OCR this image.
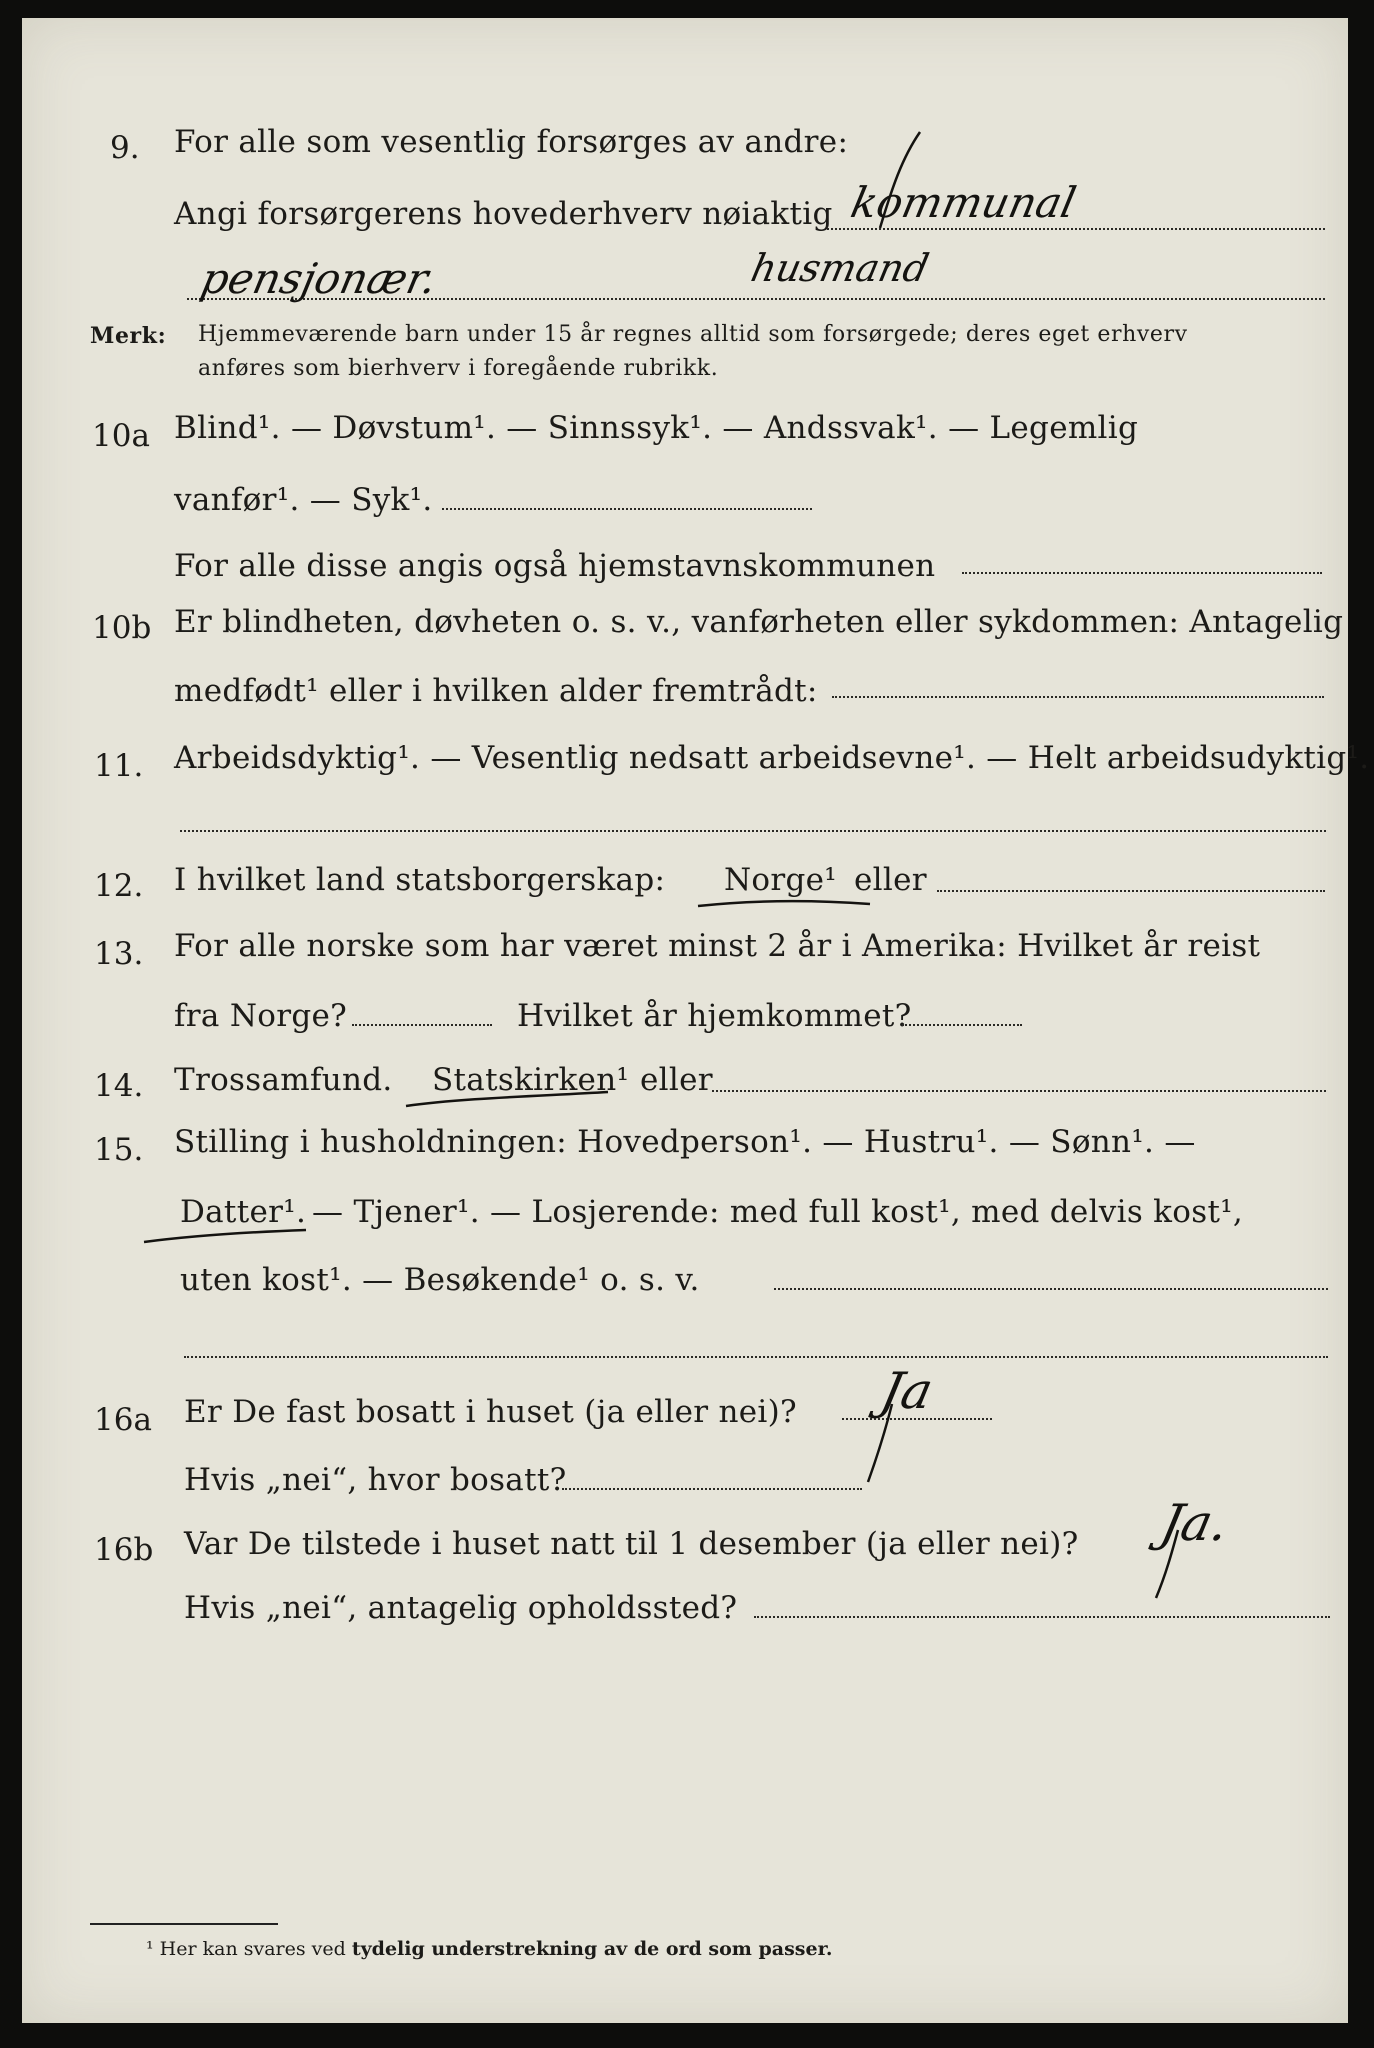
9. For alle som vesentlig forsørges av andre:
Angi forsørgerens hovederhverv nøiaktig kommunal
pensjonær.	husmand
Merk: Hjemmeværende barn under 15 år regnes alltid som forsørgede; deres eget erhverv
anføres som bierhverv i foregående rubrikk.
10a Blind¹. — Døvstum¹. — Sinnssyk¹. — Andssvak¹. — Legemlig
vanfør¹. — Syk¹.
For alle disse angis også hjemstavnskommunen
10b Er blindheten, døvheten o. s. v., vanførheten eller sykdommen: Antagelig
medfødt¹ eller i hvilken alder fremtrådt:
11. Arbeidsdyktig¹. — Vesentlig nedsatt arbeidsevne¹. — Helt arbeidsudyktig¹.
12. I hvilket land statsborgerskap: Norge¹ eller
13. For alle norske som har været minst 2 år i Amerika: Hvilket år reist
fra Norge?	Hvilket år hjemkommet?
14. Trossamfund. Statskirken¹ eller
15. Stilling i husholdningen: Hovedperson¹. — Hustru¹. — Sønn¹. —
Datter¹. — Tjener¹. — Losjerende: med full kost¹, med delvis kost¹,
uten kost¹. — Besøkende¹ o. s. v.
16a Er De fast bosatt i huset (ja eller nei)? Ja
Hvis „nei“, hvor bosatt?
16b Var De tilstede i huset natt til 1 desember (ja eller nei)? Ja.
Hvis „nei“, antagelig opholdssted?
¹ Her kan svares ved tydelig understrekning av de ord som passer.
